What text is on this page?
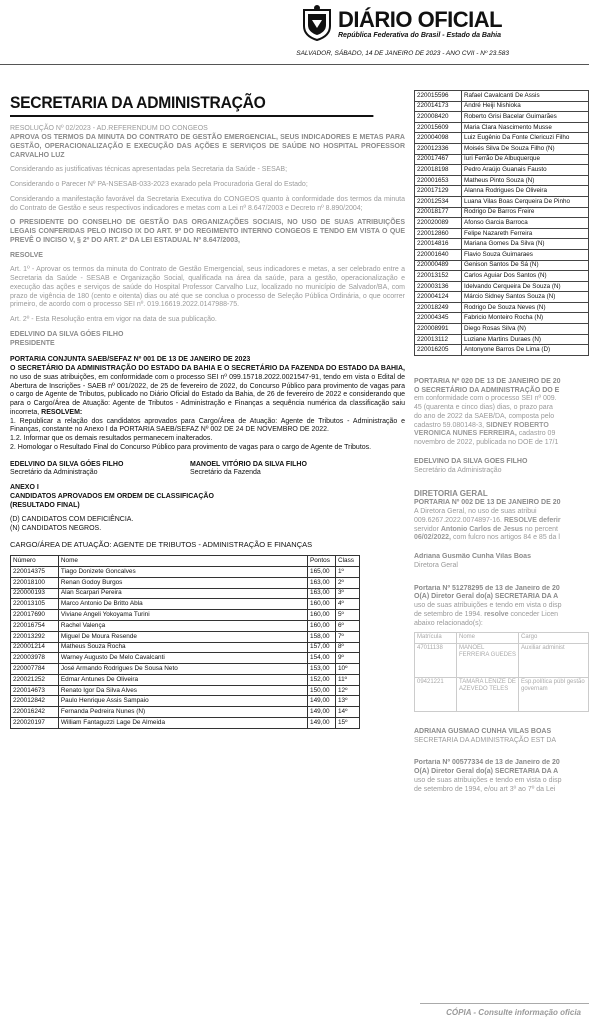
DIÁRIO OFICIAL
República Federativa do Brasil - Estado da Bahia
SALVADOR, SÁBADO, 14 DE JANEIRO DE 2023 - ANO CVII - Nº 23.583
SECRETARIA DA ADMINISTRAÇÃO

RESOLUÇÃO Nº 02/2023 - AD.REFERENDUM DO CONGEOS

APROVA OS TERMOS DA MINUTA DO CONTRATO DE GESTÃO EMERGENCIAL, SEUS INDICADORES E METAS PARA GESTÃO, OPERACIONALIZAÇÃO E EXECUÇÃO DAS AÇÕES E SERVIÇOS DE SAÚDE NO HOSPITAL PROFESSOR CARVALHO LUZ

Considerando as justificativas técnicas apresentadas pela Secretaria da Saúde - SESAB;

Considerando o Parecer Nº PA-NSESAB-033-2023 exarado pela Procuradoria Geral do Estado;

Considerando a manifestação favorável da Secretaria Executiva do CONGEOS quanto à conformidade dos termos da minuta do Contrato de Gestão e seus respectivos indicadores e metas com a Lei nº 8.647/2003 e Decreto nº 8.890/2004;

O PRESIDENTE DO CONSELHO DE GESTÃO DAS ORGANIZAÇÕES SOCIAIS, NO USO DE SUAS ATRIBUIÇÕES LEGAIS CONFERIDAS PELO INCISO IX DO ART. 9º DO REGIMENTO INTERNO CONGEOS E TENDO EM VISTA O QUE PREVÊ O INCISO V, § 2º DO ART. 2º DA LEI ESTADUAL Nº 8.647/2003,

RESOLVE

Art. 1º - Aprovar os termos da minuta do Contrato de Gestão Emergencial, seus indicadores e metas, a ser celebrado entre a Secretaria da Saúde - SESAB e Organização Social, qualificada na área da saúde, para a gestão, operacionalização e execução das ações e serviços de saúde do Hospital Professor Carvalho Luz, localizado no município de Salvador/BA, com prazo de vigência de 180 (cento e oitenta) dias ou até que se conclua o processo de Seleção Pública Ordinária, o que ocorrer primeiro, de acordo com o processo SEI nº. 019.16619.2022.0147988-75.

Art. 2º - Esta Resolução entra em vigor na data de sua publicação.

EDELVINO DA SILVA GÓES FILHO
PRESIDENTE
PORTARIA CONJUNTA SAEB/SEFAZ Nº 001 DE 13 DE JANEIRO DE 2023

O SECRETÁRIO DA ADMINISTRAÇÃO DO ESTADO DA BAHIA E O SECRETÁRIO DA FAZENDA DO ESTADO DA BAHIA, no uso de suas atribuições, em conformidade com o processo SEI nº 099.15718.2022.0021547-91, tendo em vista o Edital de Abertura de Inscrições - SAEB nº 001/2022, de 25 de fevereiro de 2022, do Concurso Público para provimento de vagas para o cargo de Agente de Tributos, publicado no Diário Oficial do Estado da Bahia, de 26 de fevereiro de 2022 e considerando que para o Cargo/Área de Atuação: Agente de Tributos - Administração e Finanças a sequência numérica da classificação saiu incorreta, RESOLVEM:
1. Republicar a relação dos candidatos aprovados para Cargo/Área de Atuação: Agente de Tributos - Administração e Finanças, constante no Anexo I da PORTARIA SAEB/SEFAZ Nº 002 DE 24 DE NOVEMBRO DE 2022.
1.2. Informar que os demais resultados permanecem inalterados.
2. Homologar o Resultado Final do Concurso Público para provimento de vagas para o cargo de Agente de Tributos.

EDELVINO DA SILVA GÓES FILHO
Secretário da Administração
MANOEL VITÓRIO DA SILVA FILHO
Secretário da Fazenda
ANEXO I
CANDIDATOS APROVADOS EM ORDEM DE CLASSIFICAÇÃO
(RESULTADO FINAL)
(D) CANDIDATOS COM DEFICIÊNCIA.
(N) CANDIDATOS NEGROS.
CARGO/ÁREA DE ATUAÇÃO: AGENTE DE TRIBUTOS - ADMINISTRAÇÃO E FINANÇAS
Número	Nome	Pontos	Class
220014375	Tiago Donizete Goncalves	165,00	1º
220018100	Renan Godoy Burgos	163,00	2º
220000193	Alan Scarpari Pereira	163,00	3º
220013105	Marco Antonio De Britto Abla	160,00	4º
220017690	Viviane Angeli Yokoyama Turini	160,00	5º
220016754	Rachel Valença	160,00	6º
220013292	Miguel De Moura Resende	158,00	7º
220001214	Matheus Souza Rocha	157,00	8º
220003978	Warney Augusto De Melo Cavalcanti	154,00	9º
220007784	José Armando Rodrigues De Sousa Neto	153,00	10º
220021252	Edmar Antunes De Oliveira	152,00	11º
220014673	Renato Igor Da Silva Alves	150,00	12º
220012842	Paulo Henrique Assis Sampaio	149,00	13º
220016242	Fernanda Pedreira Nunes (N)	149,00	14º
220020197	William Fantaguzzi Lage De Almeida	149,00	15º
220015596	Rafael Cavalcanti De Assis
220014173	André Heiji Nishioka
220008420	Roberto Grisi Bacelar Guimarães
220015609	Maria Clara Nascimento Musse
220004098	Luiz Eugênio Da Fonte Clericuzi Filho
220012336	Moisés Silva De Souza Filho (N)
220017467	Iuri Ferrão De Albuquerque
220018198	Pedro Araújo Guanais Fausto
220001653	Matheus Pinto Souza (N)
220017129	Alanna Rodrigues De Oliveira
220012534	Luana Vilas Boas Cerqueira De Pinho
220018177	Rodrigo De Barros Freire
220020089	Afonso Garcia Barroca
220012860	Felipe Nazareth Ferreira
220014816	Mariana Gomes Da Silva (N)
220001640	Flavio Souza Guimaraes
220000489	Genison Santos De Sá (N)
220013152	Carlos Aguiar Dos Santos (N)
220003136	Idelvando Cerqueira De Souza (N)
220004124	Márcio Sidney Santos Souza (N)
220018249	Rodrigo De Souza Neves (N)
220004345	Fabricio Monteiro Rocha (N)
220008991	Diego Rosas Silva (N)
220013112	Luziane Martins Duraes (N)
220016205	Antonyone Barros De Lima (D)

PORTARIA Nº 020 DE 13 DE JANEIRO DE 20

O SECRETÁRIO DA ADMINISTRAÇÃO DO E

em conformidade com o processo SEI nº 009.

45 (quarenta e cinco dias) dias, o prazo para

do ano de 2022 da SAEB/DA, composta pelo

cadastro 59.080148-3, SIDNEY ROBERTO

VERONICA NUNES FERREIRA, cadastro 09

novembro de 2022, publicada no DOE de 17/1

EDELVINO DA SILVA GÓES FILHO

Secretário da Administração

DIRETORIA GERAL

PORTARIA Nº 002 DE 13 DE JANEIRO DE 20

A Diretora Geral, no uso de suas atribui

009.6267.2022.0074897-16. RESOLVE deferir

servidor Antonio Carlos de Jesus no percent

06/02/2022, com fulcro nos artigos 84 e 85 da l

Adriana Gusmão Cunha Vilas Boas

Diretora Geral

Portaria Nº 51278295 de 13 de Janeiro de 20

O(A) Diretor Geral do(a) SECRETARIA DA A

uso de suas atribuições e tendo em vista o disp

de setembro de 1994. resolve conceder Licen

abaixo relacionado(s):

Matrícula	Nome	Cargo
47011138	MANOEL FERREIRA GUEDES	Auxiliar administ
09421221	TAMARA LENIZE DE AZEVEDO TELES	Esp.política públ gestão governam

ADRIANA GUSMÃO CUNHA VILAS BOAS

SECRETARIA DA ADMINISTRAÇÃO EST DA

Portaria Nº 00577334 de 13 de Janeiro de 20

O(A) Diretor Geral do(a) SECRETARIA DA A

uso de suas atribuições e tendo em vista o disp

de setembro de 1994, e/ou art 3º ao 7º da Lei

CÓPIA - Consulte informação oficia
